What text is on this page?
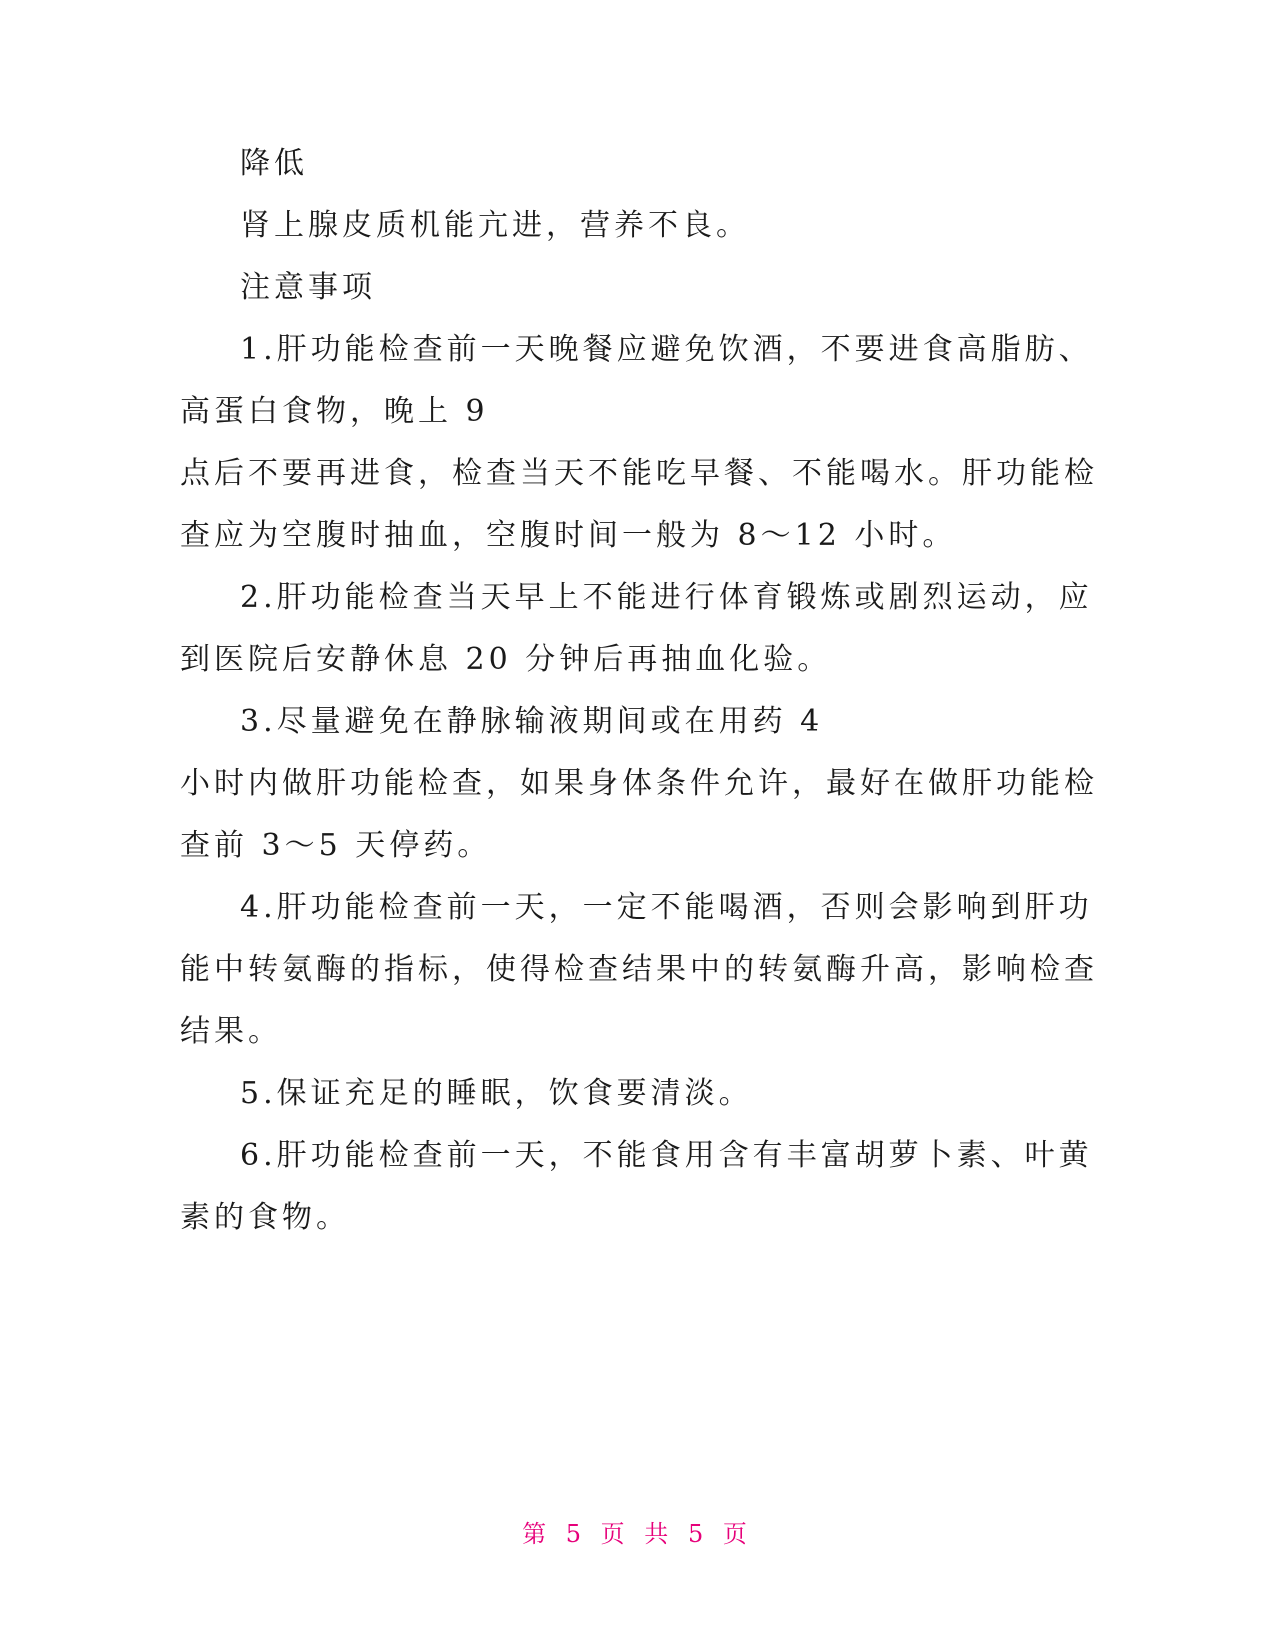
降低
肾上腺皮质机能亢进，营养不良。
注意事项
1.肝功能检查前一天晚餐应避免饮酒，不要进食高脂肪、
高蛋白食物，晚上 9
点后不要再进食，检查当天不能吃早餐、不能喝水。肝功能检
查应为空腹时抽血，空腹时间一般为 8～12 小时。
2.肝功能检查当天早上不能进行体育锻炼或剧烈运动，应
到医院后安静休息 20 分钟后再抽血化验。
3.尽量避免在静脉输液期间或在用药 4
小时内做肝功能检查，如果身体条件允许，最好在做肝功能检
查前 3～5 天停药。
4.肝功能检查前一天，一定不能喝酒，否则会影响到肝功
能中转氨酶的指标，使得检查结果中的转氨酶升高，影响检查
结果。
5.保证充足的睡眠，饮食要清淡。
6.肝功能检查前一天，不能食用含有丰富胡萝卜素、叶黄
素的食物。
第 5 页 共 5 页
